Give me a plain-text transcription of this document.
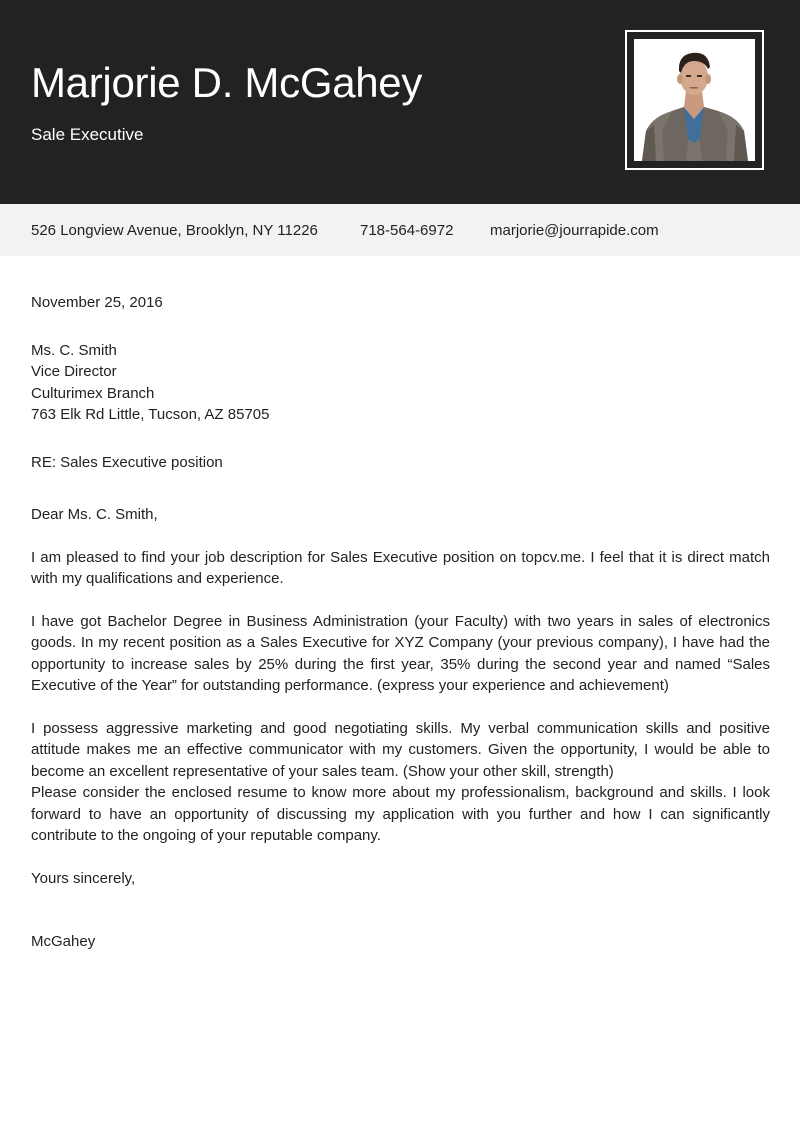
Marjorie D. McGahey
Sale Executive
526 Longview Avenue, Brooklyn, NY 11226	718-564-6972 marjorie@jourrapide.com
November 25, 2016
Ms. C. Smith
Vice Director
Culturimex Branch
763 Elk Rd Little, Tucson, AZ 85705
RE: Sales Executive position
Dear Ms. C. Smith,

I am pleased to find your job description for Sales Executive position on topcv.me. I feel that it is direct match with my qualifications and experience.

I have got Bachelor Degree in Business Administration (your Faculty) with two years in sales of electronics goods. In my recent position as a Sales Executive for XYZ Company (your previous company), I have had the opportunity to increase sales by 25% during the first year, 35% during the second year and named “Sales Executive of the Year” for outstanding performance. (express your experience and achievement)

I possess aggressive marketing and good negotiating skills. My verbal communication skills and positive attitude makes me an effective communicator with my customers. Given the opportunity, I would be able to become an excellent representative of your sales team. (Show your other skill, strength)

Please consider the enclosed resume to know more about my professionalism, background and skills. I look forward to have an opportunity of discussing my application with you further and how I can significantly contribute to the ongoing of your reputable company.

Yours sincerely,
McGahey
